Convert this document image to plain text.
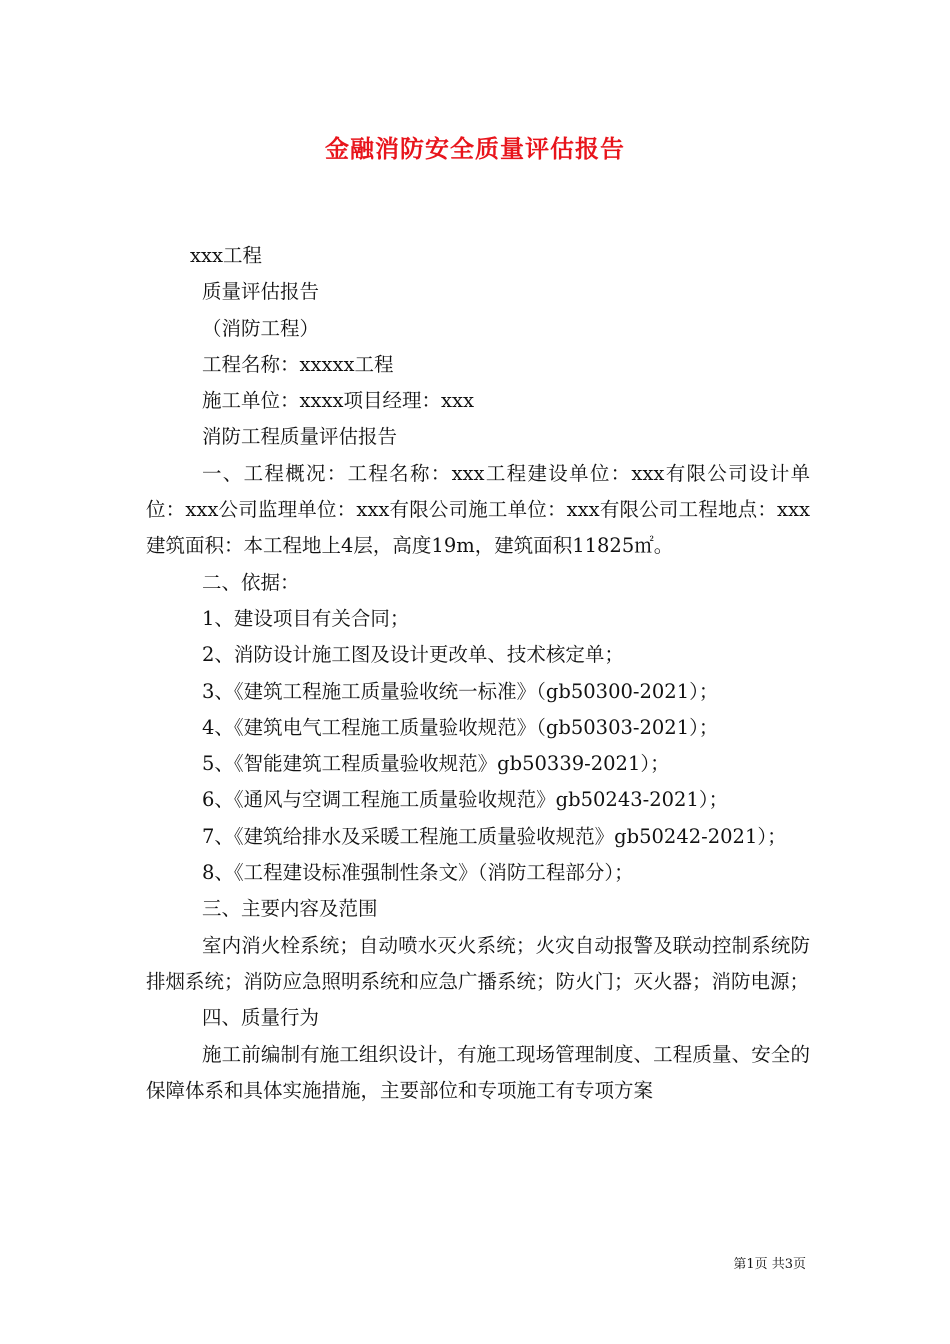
金融消防安全质量评估报告

xxx工程

质量评估报告

（消防工程）

工程名称：xxxxx工程

施工单位：xxxx项目经理：xxx

消防工程质量评估报告

一、工程概况：工程名称：xxx工程建设单位：xxx有限公司设计单位：xxx公司监理单位：xxx有限公司施工单位：xxx有限公司工程地点：xxx建筑面积：本工程地上4层，高度19m，建筑面积11825㎡。

二、依据：

1、建设项目有关合同；

2、消防设计施工图及设计更改单、技术核定单；

3、《建筑工程施工质量验收统一标准》（gb50300-2021）；

4、《建筑电气工程施工质量验收规范》（gb50303-2021）；

5、《智能建筑工程质量验收规范》gb50339-2021）；

6、《通风与空调工程施工质量验收规范》gb50243-2021）；

7、《建筑给排水及采暖工程施工质量验收规范》gb50242-2021）；

8、《工程建设标准强制性条文》（消防工程部分）；

三、主要内容及范围

室内消火栓系统；自动喷水灭火系统；火灾自动报警及联动控制系统防排烟系统；消防应急照明系统和应急广播系统；防火门；灭火器；消防电源；

四、质量行为

施工前编制有施工组织设计，有施工现场管理制度、工程质量、安全的保障体系和具体实施措施，主要部位和专项施工有专项方案

第1页 共3页
